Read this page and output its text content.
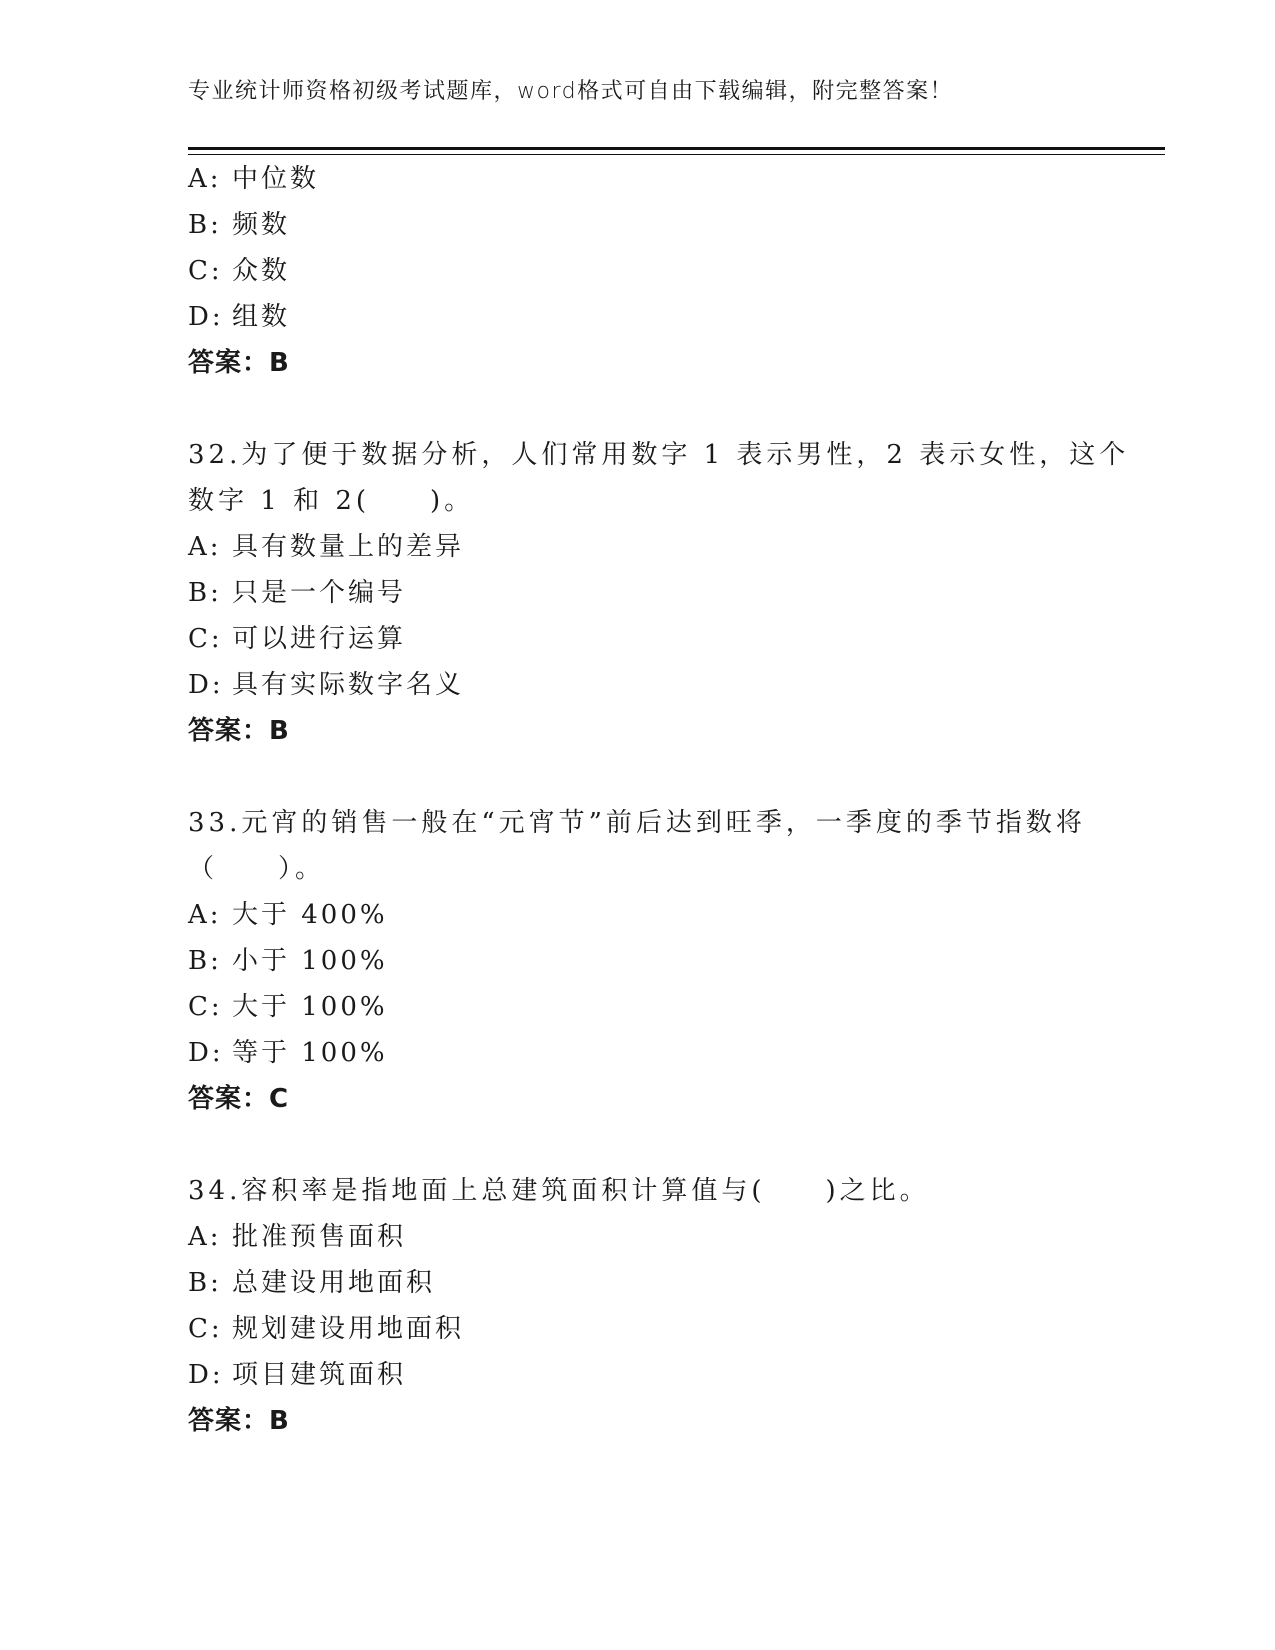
专业统计师资格初级考试题库，word格式可自由下载编辑，附完整答案！
A: 中位数
B: 频数
C: 众数
D: 组数
答案：B
32.为了便于数据分析，人们常用数字 1 表示男性，2 表示女性，这个
数字 1 和 2(　　)。
A: 具有数量上的差异
B: 只是一个编号
C: 可以进行运算
D: 具有实际数字名义
答案：B
33.元宵的销售一般在“元宵节”前后达到旺季，一季度的季节指数将
（　　）。
A: 大于 400%
B: 小于 100%
C: 大于 100%
D: 等于 100%
答案：C
34.容积率是指地面上总建筑面积计算值与(　　)之比。
A: 批准预售面积
B: 总建设用地面积
C: 规划建设用地面积
D: 项目建筑面积
答案：B
